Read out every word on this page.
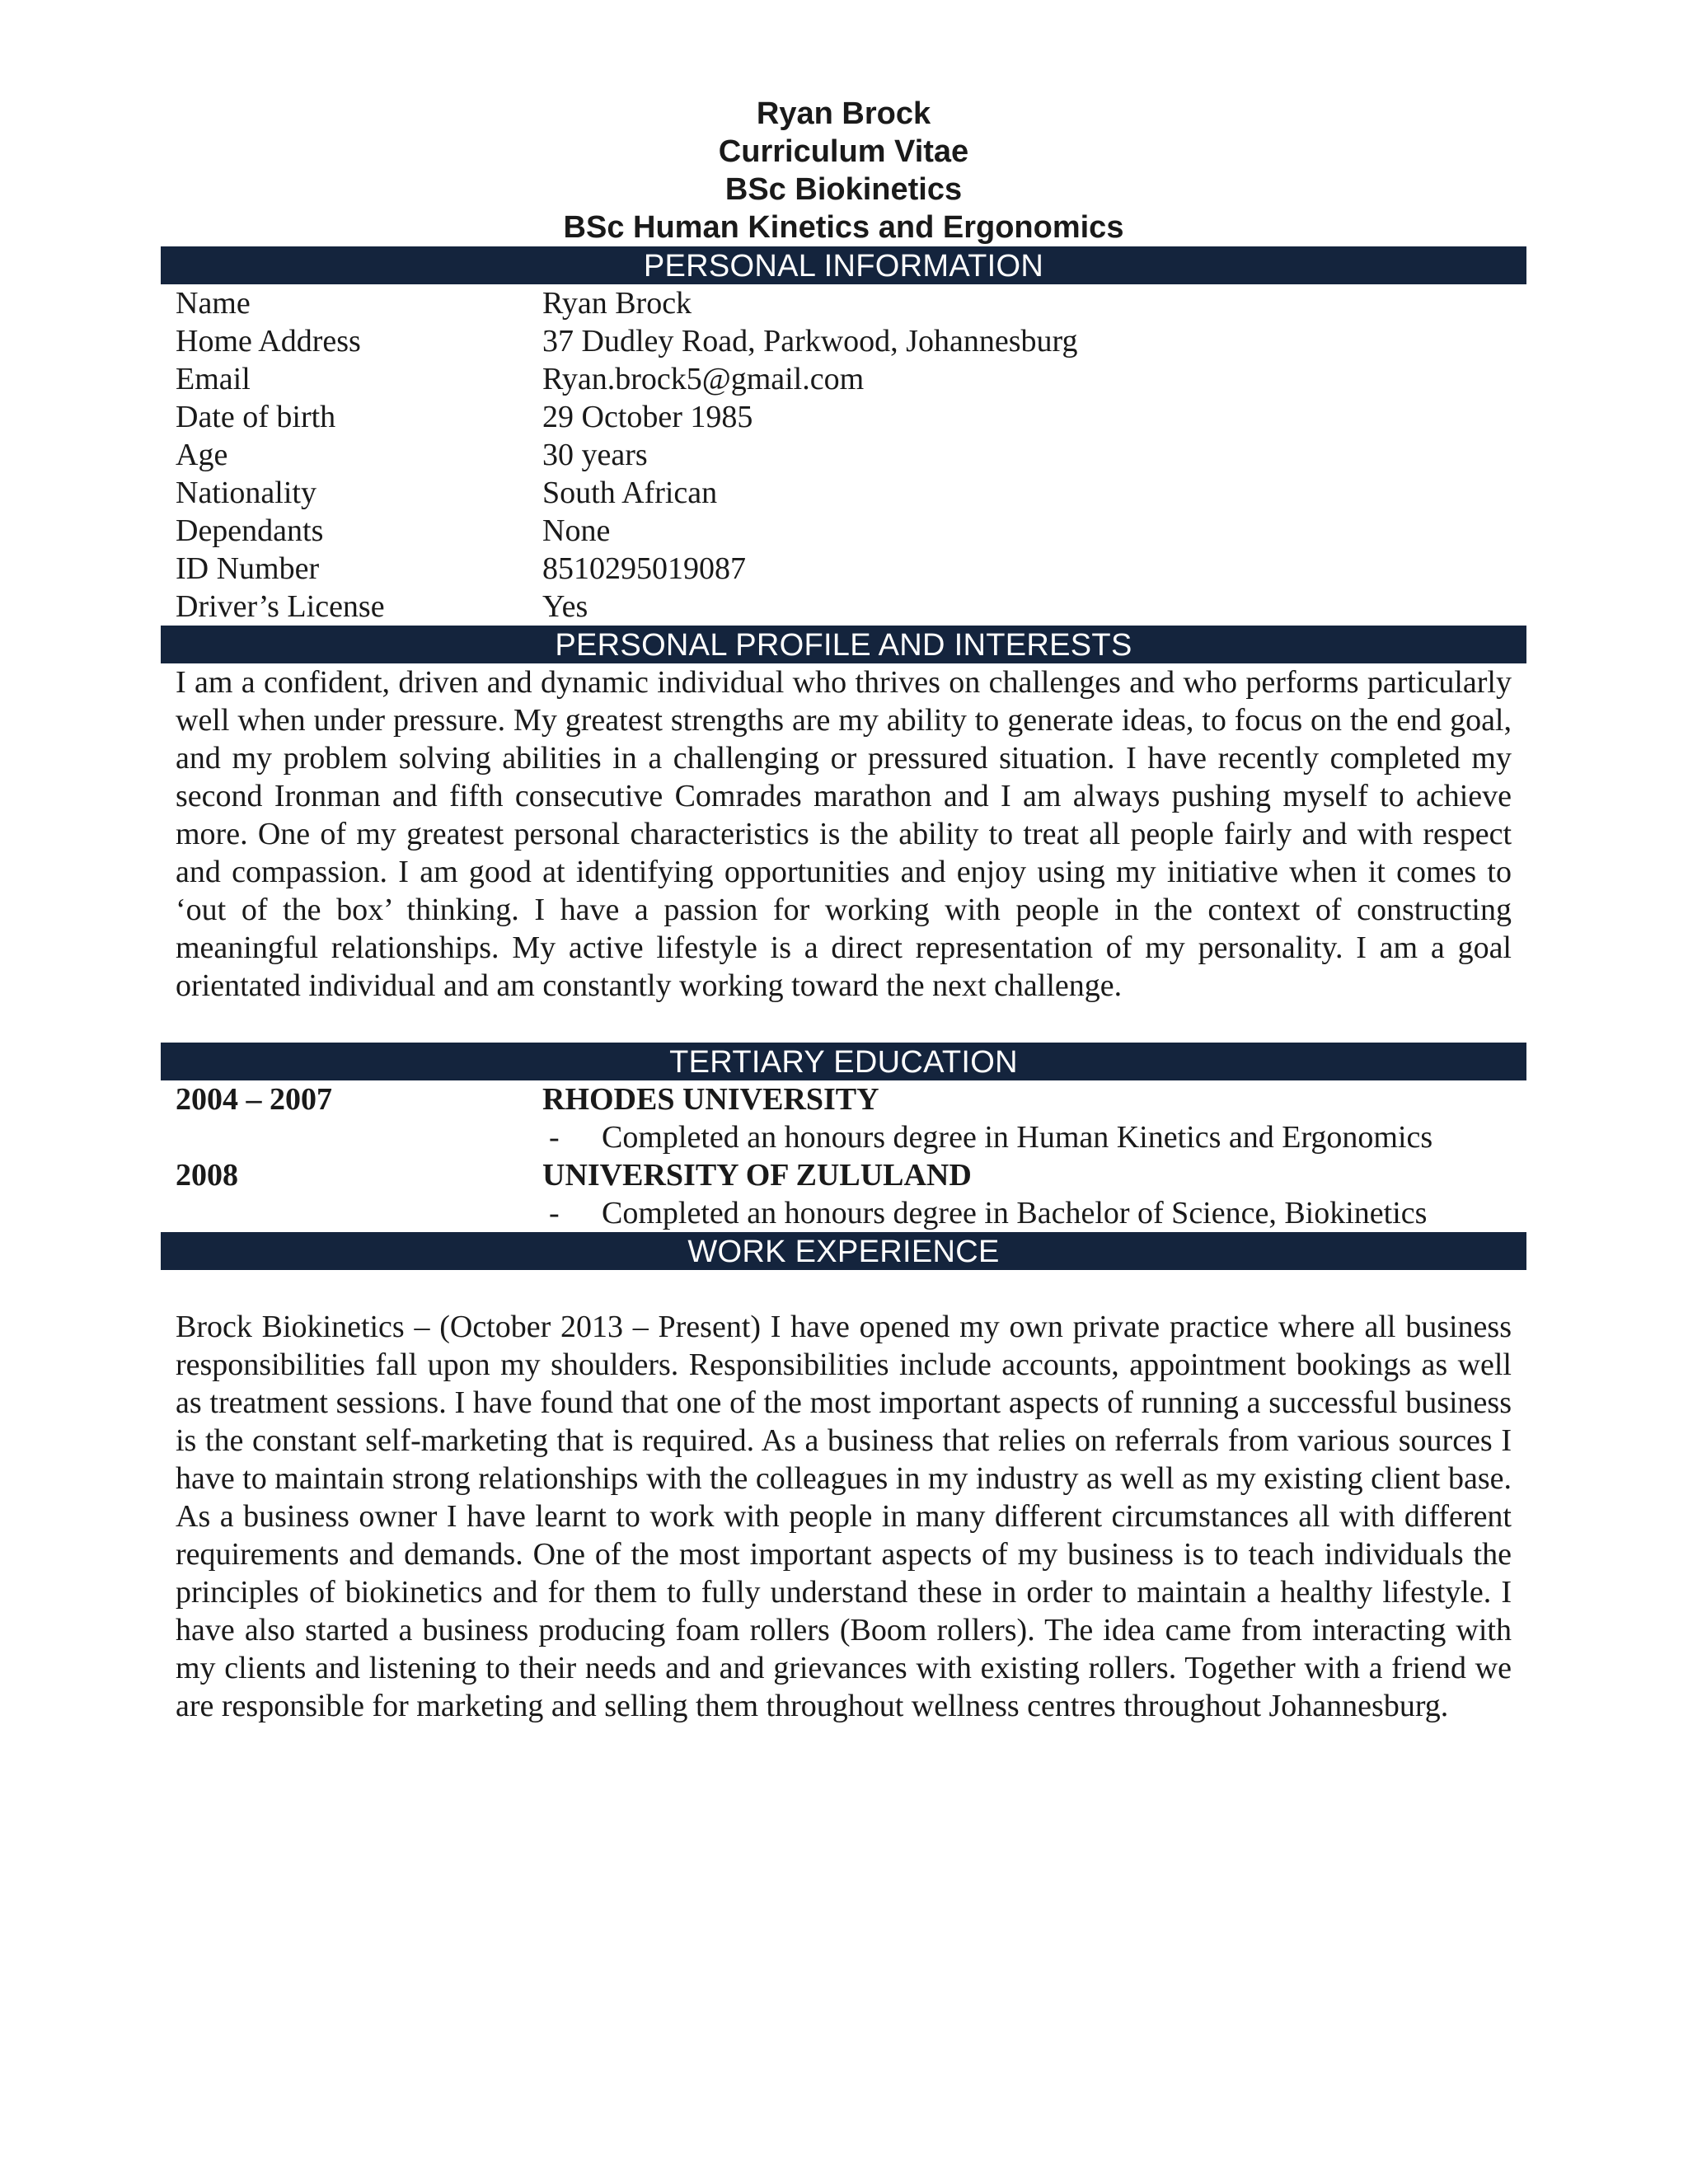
Ryan Brock
Curriculum Vitae
BSc Biokinetics
BSc Human Kinetics and Ergonomics
PERSONAL INFORMATION
Name	Ryan Brock
Home Address	37 Dudley Road, Parkwood, Johannesburg
Email	Ryan.brock5@gmail.com
Date of birth	29 October 1985
Age	30 years
Nationality	South African
Dependants	None
ID Number	8510295019087
Driver’s License	Yes
PERSONAL PROFILE AND INTERESTS
I am a confident, driven and dynamic individual who thrives on challenges and who performs particularly well when under pressure. My greatest strengths are my ability to generate ideas, to focus on the end goal, and my problem solving abilities in a challenging or pressured situation. I have recently completed my second Ironman and fifth consecutive Comrades marathon and I am always pushing myself to achieve more. One of my greatest personal characteristics is the ability to treat all people fairly and with respect and compassion. I am good at identifying opportunities and enjoy using my initiative when it comes to ‘out of the box’ thinking. I have a passion for working with people in the context of constructing meaningful relationships. My active lifestyle is a direct representation of my personality. I am a goal orientated individual and am constantly working toward the next challenge.
TERTIARY EDUCATION
2004 – 2007	RHODES UNIVERSITY
-	Completed an honours degree in Human Kinetics and Ergonomics
2008	UNIVERSITY OF ZULULAND
-	Completed an honours degree in Bachelor of Science, Biokinetics
WORK EXPERIENCE
Brock Biokinetics – (October 2013 – Present) I have opened my own private practice where all business responsibilities fall upon my shoulders. Responsibilities include accounts, appointment bookings as well as treatment sessions. I have found that one of the most important aspects of running a successful business is the constant self-marketing that is required. As a business that relies on referrals from various sources I have to maintain strong relationships with the colleagues in my industry as well as my existing client base. As a business owner I have learnt to work with people in many different circumstances all with different requirements and demands. One of the most important aspects of my business is to teach individuals the principles of biokinetics and for them to fully understand these in order to maintain a healthy lifestyle. I have also started a business producing foam rollers (Boom rollers). The idea came from interacting with my clients and listening to their needs and and grievances with existing rollers. Together with a friend we are responsible for marketing and selling them throughout wellness centres throughout Johannesburg.
